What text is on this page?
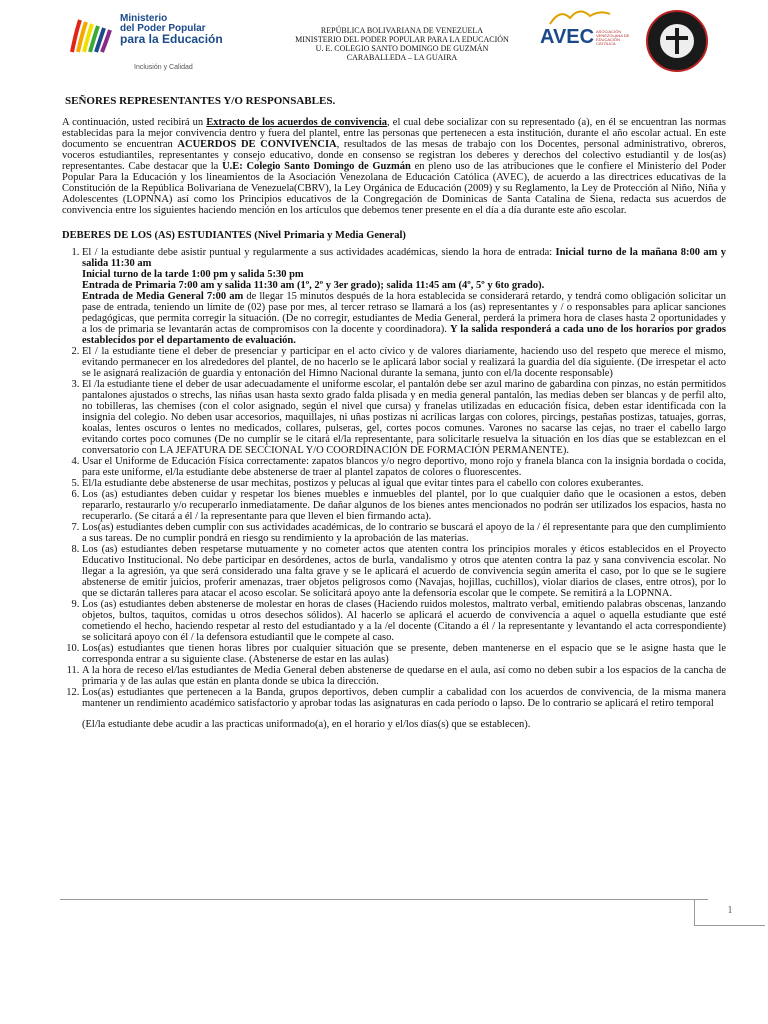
Ministerio
del Poder Popular
para la Educación
Inclusión y Calidad
REPÚBLICA BOLIVARIANA DE VENEZUELA
MINISTERIO DEL PODER POPULAR PARA LA EDUCACIÓN
U. E. COLEGIO SANTO DOMINGO DE GUZMÁN
CARABALLEDA – LA GUAIRA
AVEC ASOCIACIÓN VENEZOLANA DE EDUCACIÓN CATÓLICA
SEÑORES REPRESENTANTES Y/O RESPONSABLES.

A continuación, usted recibirá un Extracto de los acuerdos de convivencia, el cual debe socializar con su representado (a), en él se encuentran las normas establecidas para la mejor convivencia dentro y fuera del plantel, entre las personas que pertenecen a esta institución, durante el año escolar actual. En este documento se encuentran ACUERDOS DE CONVIVENCIA, resultados de las mesas de trabajo con los Docentes, personal administrativo, obreros, voceros estudiantiles, representantes y consejo educativo, donde en consenso se registran los deberes y derechos del colectivo estudiantil y de los(as) representantes. Cabe destacar que la U.E: Colegio Santo Domingo de Guzmán en pleno uso de las atribuciones que le confiere el Ministerio del Poder Popular Para la Educación y los lineamientos de la Asociación Venezolana de Educación Católica (AVEC), de acuerdo a las directrices educativas de la Constitución de la República Bolivariana de Venezuela(CBRV), la Ley Orgánica de Educación (2009) y su Reglamento, la Ley de Protección al Niño, Niña y Adolescentes (LOPNNA) así como los Principios educativos de la Congregación de Dominicas de Santa Catalina de Siena, redacta sus acuerdos de convivencia entre los siguientes haciendo mención en los artículos que debemos tener presente en el día a día durante este año escolar.

DEBERES DE LOS (AS) ESTUDIANTES (Nivel Primaria y Media General)
1. El / la estudiante debe asistir puntual y regularmente a sus actividades académicas, siendo la hora de entrada: Inicial turno de la mañana 8:00 am y salida 11:30 am
Inicial turno de la tarde 1:00 pm y salida 5:30 pm
Entrada de Primaria 7:00 am y salida 11:30 am (1º, 2º y 3er grado); salida 11:45 am (4º, 5º y 6to grado).
Entrada de Media General 7:00 am de llegar 15 minutos después de la hora establecida se considerará retardo, y tendrá como obligación solicitar un pase de entrada, teniendo un límite de (02) pase por mes, al tercer retraso se llamará a los (as) representantes y / o responsables para aplicar sanciones pedagógicas, que permita corregir la situación. (De no corregir, estudiantes de Media General, perderá la primera hora de clases hasta 2 oportunidades y a los de primaria se levantarán actas de compromisos con la docente y coordinadora). Y la salida responderá a cada uno de los horarios por grados establecidos por el departamento de evaluación.
2. El / la estudiante tiene el deber de presenciar y participar en el acto cívico y de valores diariamente, haciendo uso del respeto que merece el mismo, evitando permanecer en los alrededores del plantel, de no hacerlo se le aplicará labor social y realizará la guardia del día siguiente. (De irrespetar el acto se le asignará realización de guardia y entonación del Himno Nacional durante la semana, junto con el/la docente responsable)
3. El /la estudiante tiene el deber de usar adecuadamente el uniforme escolar, el pantalón debe ser azul marino de gabardina con pinzas, no están permitidos pantalones ajustados o strechs, las niñas usan hasta sexto grado falda plisada y en media general pantalón, las medias deben ser blancas y de perfil alto, no tobilleras, las chemises (con el color asignado, según el nivel que cursa) y franelas utilizadas en educación física, deben estar identificada con la insignia del colegio. No deben usar accesorios, maquillajes, ni uñas postizas ni acrílicas largas con colores, pircings, pestañas postizas, tatuajes, gorras, koalas, lentes oscuros o lentes no medicados, collares, pulseras, gel, cortes pocos comunes. Varones no sacarse las cejas, no traer el cabello largo evitando cortes poco comunes (De no cumplir se le citará el/la representante, para solicitarle resuelva la situación en los días que se establezcan en el conversatorio con LA JEFATURA DE SECCIONAL Y/O COORDINACIÓN DE FORMACIÓN PERMANENTE).
4. Usar el Uniforme de Educación Física correctamente: zapatos blancos y/o negro deportivo, mono rojo y franela blanca con la insignia bordada o cocida, para este uniforme, el/la estudiante debe abstenerse de traer al plantel zapatos de colores o fluorescentes.
5. El/la estudiante debe abstenerse de usar mechitas, postizos y pelucas al igual que evitar tintes para el cabello con colores exuberantes.
6. Los (as) estudiantes deben cuidar y respetar los bienes muebles e inmuebles del plantel, por lo que cualquier daño que le ocasionen a estos, deben repararlo, restaurarlo y/o recuperarlo inmediatamente. De dañar algunos de los bienes antes mencionados no podrán ser utilizados los espacios, hasta no recuperarlo. (Se citará a él / la representante para que lleven el bien firmando acta).
7. Los(as) estudiantes deben cumplir con sus actividades académicas, de lo contrario se buscará el apoyo de la / él representante para que den cumplimiento a sus tareas. De no cumplir pondrá en riesgo su rendimiento y la aprobación de las materias.
8. Los (as) estudiantes deben respetarse mutuamente y no cometer actos que atenten contra los principios morales y éticos establecidos en el Proyecto Educativo Institucional. No debe participar en desórdenes, actos de burla, vandalismo y otros que atenten contra la paz y sana convivencia escolar. No llegar a la agresión, ya que será considerado una falta grave y se le aplicará el acuerdo de convivencia según amerita el caso, por lo que se le sugiere abstenerse de emitir juicios, proferir amenazas, traer objetos peligrosos como (Navajas, hojillas, cuchillos), violar diarios de clases, entre otros), por lo que se dictarán talleres para atacar el acoso escolar. Se solicitará apoyo ante la defensoría escolar que le compete. Se remitirá a la LOPNNA.
9. Los (as) estudiantes deben abstenerse de molestar en horas de clases (Haciendo ruidos molestos, maltrato verbal, emitiendo palabras obscenas, lanzando objetos, bultos, taquitos, comidas u otros desechos sólidos). Al hacerlo se aplicará el acuerdo de convivencia a aquel o aquella estudiante que esté cometiendo el hecho, haciendo respetar al resto del estudiantado y a la /el docente (Citando a él / la representante y levantando el acta correspondiente) se solicitará apoyo con él / la defensora estudiantil que le compete al caso.
10. Los(as) estudiantes que tienen horas libres por cualquier situación que se presente, deben mantenerse en el espacio que se le asigne hasta que le corresponda entrar a su siguiente clase. (Abstenerse de estar en las aulas)
11. A la hora de receso el/las estudiantes de Media General deben abstenerse de quedarse en el aula, así como no deben subir a los espacios de la cancha de primaria y de las aulas que están en planta donde se ubica la dirección.
12. Los(as) estudiantes que pertenecen a la Banda, grupos deportivos, deben cumplir a cabalidad con los acuerdos de convivencia, de la misma manera mantener un rendimiento académico satisfactorio y aprobar todas las asignaturas en cada período o lapso. De lo contrario se aplicará el retiro temporal

(El/la estudiante debe acudir a las practicas uniformado(a), en el horario y el/los días(s) que se establecen).

1
